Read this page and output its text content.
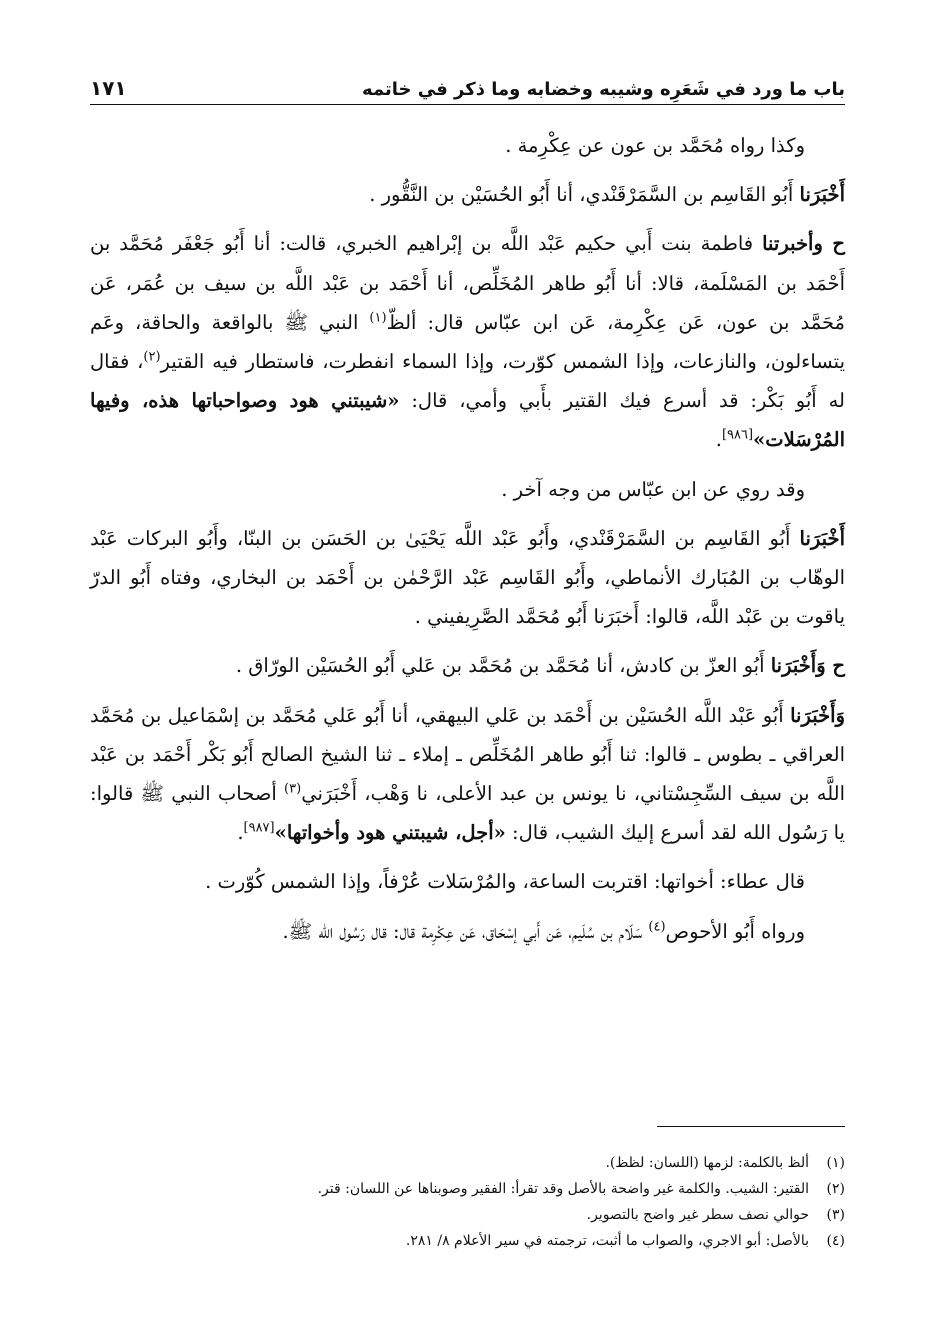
باب ما ورد في شَعَرِه وشيبه وخضابه وما ذكر في خاتمه
١٧١

وكذا رواه مُحَمَّد بن عون عن عِكْرِمة .

أَخْبَرَنا أَبُو القَاسِم بن السَّمَرْقَنْدي، أنا أَبُو الحُسَيْن بن النَّقُّور .

ح وأخبرتنا فاطمة بنت أَبي حكيم عَبْد اللَّه بن إبْراهيم الخبري، قالت: أنا أَبُو جَعْفَر مُحَمَّد بن أَحْمَد بن المَسْلَمة، قالا: أنا أَبُو طاهر المُخَلِّص، أنا أَحْمَد بن عَبْد اللَّه بن سيف بن عُمَر، عَن مُحَمَّد بن عون، عَن عِكْرِمة، عَن ابن عبّاس قال: ألظّ$^{(١)}$ النبي ﷺ بالواقعة والحاقة، وعَم يتساءلون، والنازعات، وإذا الشمس كوّرت، وإذا السماء انفطرت، فاستطار فيه القتير$^{(٢)}$، فقال له أَبُو بَكْر: قد أسرع فيك القتير بأَبي وأمي، قال: «شيبتني هود وصواحباتها هذه، وفيها المُرْسَلات»[٩٨٦].

وقد روي عن ابن عبّاس من وجه آخر .

أَخْبَرَنا أَبُو القَاسِم بن السَّمَرْقَنْدي، وأَبُو عَبْد اللَّه يَحْيَىٰ بن الحَسَن بن البنّا، وأَبُو البركات عَبْد الوهّاب بن المُبَارك الأنماطي، وأَبُو القَاسِم عَبْد الرَّحْمٰن بن أَحْمَد بن البخاري، وفتاه أَبُو الدرّ ياقوت بن عَبْد اللَّه، قالوا: أَخبَرَنا أَبُو مُحَمَّد الصَّرِيفيني .

ح وَأَخْبَرَنا أَبُو العزّ بن كادش، أنا مُحَمَّد بن مُحَمَّد بن عَلي أَبُو الحُسَيْن الورّاق .

وَأَخْبَرَنا أَبُو عَبْد اللَّه الحُسَيْن بن أَحْمَد بن عَلي البيهقي، أنا أَبُو عَلي مُحَمَّد بن إسْمَاعيل بن مُحَمَّد العراقي ـ بطوس ـ قالوا: ثنا أَبُو طاهر المُخَلِّص ـ إملاء ـ ثنا الشيخ الصالح أَبُو بَكْر أَحْمَد بن عَبْد اللَّه بن سيف السِّجِسْتاني، نا يونس بن عبد الأعلى، نا وَهْب، أَخْبَرَني$^{(٣)}$ أصحاب النبي ﷺ قالوا: يا رَسُول الله لقد أسرع إليك الشيب، قال: «أجل، شيبتني هود وأخواتها»[٩٨٧].

قال عطاء: أخواتها: اقتربت الساعة، والمُرْسَلات عُرْفاً، وإذا الشمس كُوّرت .

ورواه أَبُو الأحوص$^{(٤)}$ سَلّام بن سُلَيم، عَن أَبي إسْحَاق، عَن عِكْرِمة قال: قال رَسُول الله ﷺ.

(١)
ألظ بالكلمة: لزمها (اللسان: لظظ).
(٢)
القتير: الشيب. والكلمة غير واضحة بالأصل وقد تقرأ: الفقير وصوبناها عن اللسان: قتر.
(٣)
حوالي نصف سطر غير واضح بالتصوير.
(٤)
بالأصل: أبو الاجري، والصواب ما أثبت، ترجمته في سير الأعلام ٨/ ٢٨١.
